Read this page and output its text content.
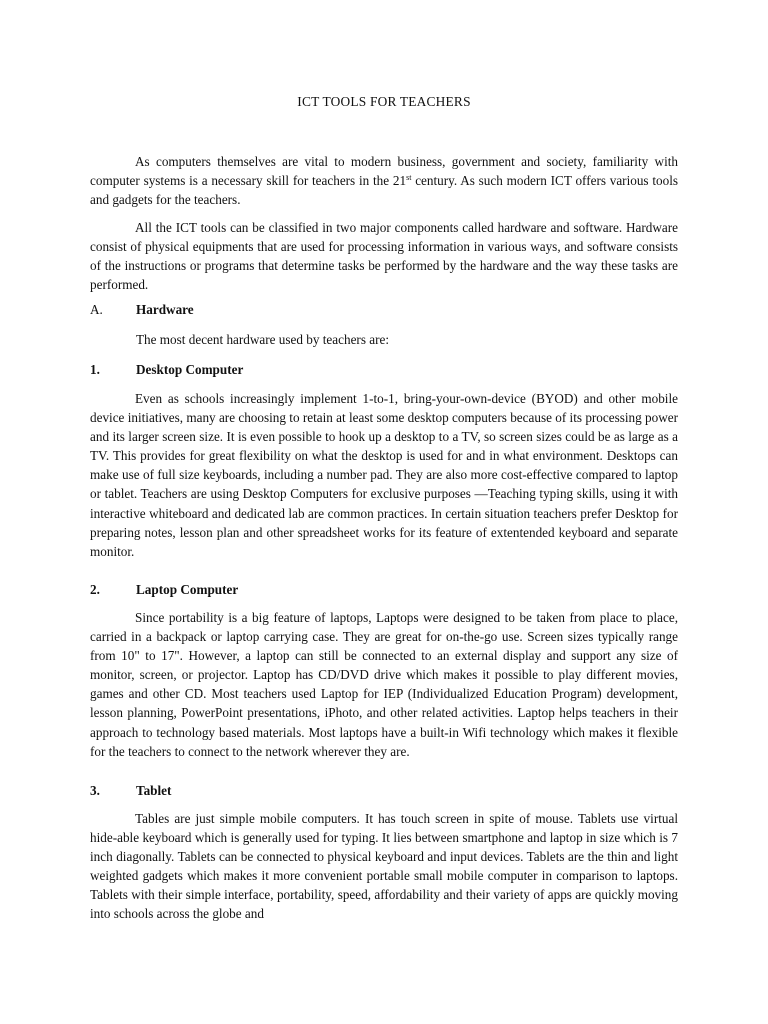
ICT TOOLS FOR TEACHERS

As computers themselves are vital to modern business, government and society, familiarity with computer systems is a necessary skill for teachers in the 21st century. As such modern ICT offers various tools and gadgets for the teachers.

All the ICT tools can be classified in two major components called hardware and software. Hardware consist of physical equipments that are used for processing information in various ways, and software consists of the instructions or programs that determine tasks be performed by the hardware and the way these tasks are performed.

A.	Hardware

The most decent hardware used by teachers are:

1.	Desktop Computer

Even as schools increasingly implement 1-to-1, bring-your-own-device (BYOD) and other mobile device initiatives, many are choosing to retain at least some desktop computers because of its processing power and its larger screen size. It is even possible to hook up a desktop to a TV, so screen sizes could be as large as a TV. This provides for great flexibility on what the desktop is used for and in what environment. Desktops can make use of full size keyboards, including a number pad. They are also more cost-effective compared to laptop or tablet. Teachers are using Desktop Computers for exclusive purposes —Teaching typing skills, using it with interactive whiteboard and dedicated lab are common practices. In certain situation teachers prefer Desktop for preparing notes, lesson plan and other spreadsheet works for its feature of extentended keyboard and separate monitor.

2.	Laptop Computer

Since portability is a big feature of laptops, Laptops were designed to be taken from place to place, carried in a backpack or laptop carrying case. They are great for on-the-go use. Screen sizes typically range from 10" to 17". However, a laptop can still be connected to an external display and support any size of monitor, screen, or projector. Laptop has CD/DVD drive which makes it possible to play different movies, games and other CD. Most teachers used Laptop for IEP (Individualized Education Program) development, lesson planning, PowerPoint presentations, iPhoto, and other related activities. Laptop helps teachers in their approach to technology based materials. Most laptops have a built-in Wifi technology which makes it flexible for the teachers to connect to the network wherever they are.

3.	Tablet

Tables are just simple mobile computers. It has touch screen in spite of mouse. Tablets use virtual hide-able keyboard which is generally used for typing. It lies between smartphone and laptop in size which is 7 inch diagonally. Tablets can be connected to physical keyboard and input devices. Tablets are the thin and light weighted gadgets which makes it more convenient portable small mobile computer in comparison to laptops. Tablets with their simple interface, portability, speed, affordability and their variety of apps are quickly moving into schools across the globe and
